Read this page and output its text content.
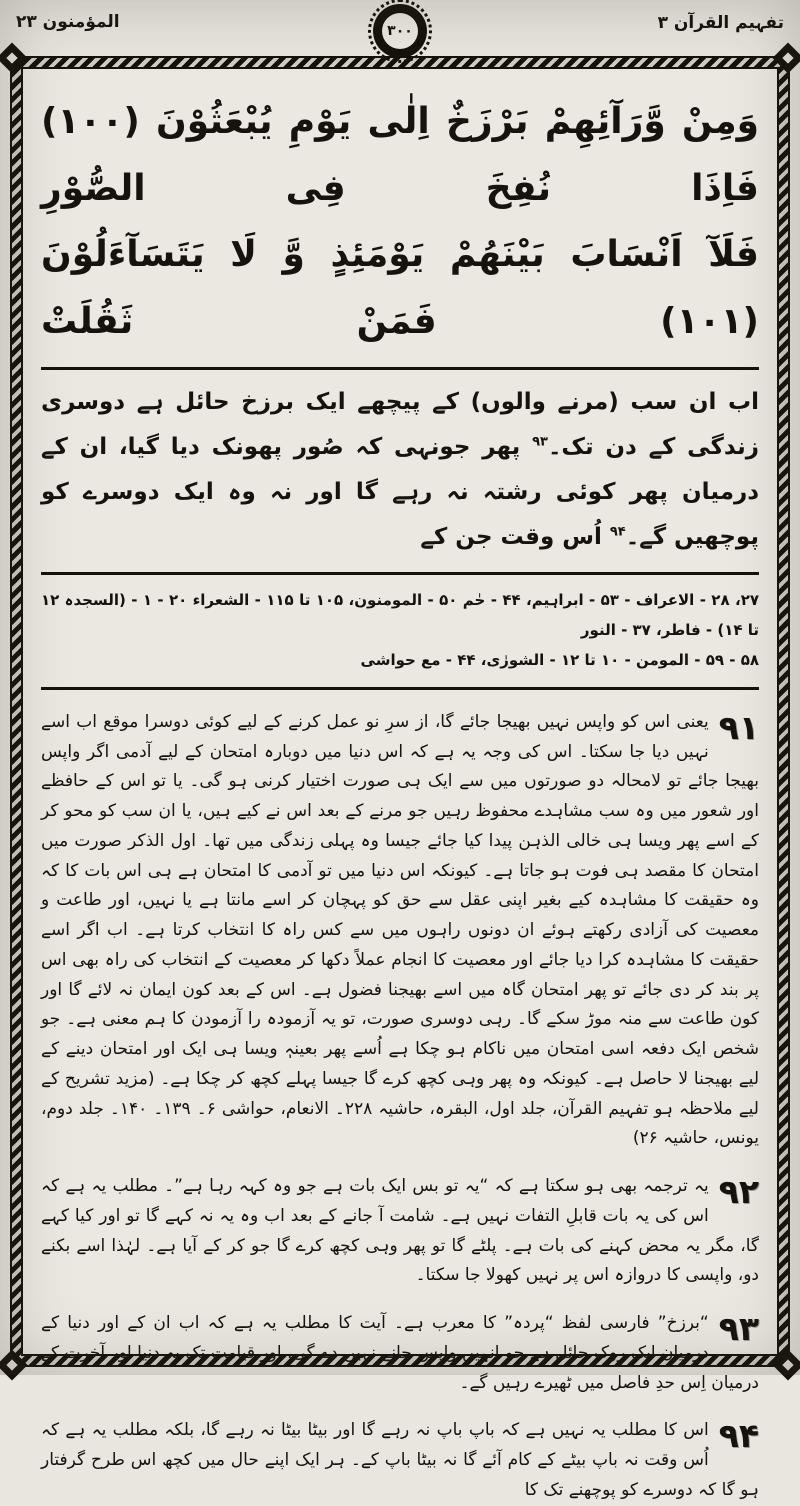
المؤمنون ۲۳	۳۰۰	تفہیم القرآن ۳
وَمِنْ وَّرَآئِهِمْ بَرْزَخٌ اِلٰى يَوْمِ يُبْعَثُوْنَ (١٠٠) فَاِذَا نُفِخَ فِى الصُّوْرِ
فَلَآ اَنْسَابَ بَيْنَهُمْ يَوْمَئِذٍ وَّ لَا يَتَسَآءَلُوْنَ (١٠١) فَمَنْ ثَقُلَتْ
اب ان سب (مرنے والوں) کے پیچھے ایک برزخ حائل ہے دوسری زندگی کے دن تک۔$^{۹۳}$ پھر جونہی کہ صُور پھونک دیا گیا، ان کے درمیان پھر کوئی رشتہ نہ رہے گا اور نہ وہ ایک دوسرے کو پوچھیں گے۔$^{۹۴}$ اُس وقت جن کے
۲۷، ۲۸ - الاعراف - ۵۳ - ابراہیم، ۴۴ - حٰم ۵۰ - المومنون، ۱۰۵ تا ۱۱۵ - الشعراء ۲۰ - ۱ - (السجدہ ۱۲ تا ۱۴) - فاطر، ۳۷ - النور
۵۸ - ۵۹ - المومن - ۱۰ تا ۱۲ - الشورٰی، ۴۴ - مع حواشی
۹۱
یعنی اس کو واپس نہیں بھیجا جائے گا، از سرِ نو عمل کرنے کے لیے کوئی دوسرا موقع اب اسے نہیں دیا جا سکتا۔ اس کی وجہ یہ ہے کہ اس دنیا میں دوبارہ امتحان کے لیے آدمی اگر واپس بھیجا جائے تو لامحالہ دو صورتوں میں سے ایک ہی صورت اختیار کرنی ہو گی۔ یا تو اس کے حافظے اور شعور میں وہ سب مشاہدے محفوظ رہیں جو مرنے کے بعد اس نے کیے ہیں، یا ان سب کو محو کر کے اسے پھر ویسا ہی خالی الذہن پیدا کیا جائے جیسا وہ پہلی زندگی میں تھا۔ اول الذکر صورت میں امتحان کا مقصد ہی فوت ہو جاتا ہے۔ کیونکہ اس دنیا میں تو آدمی کا امتحان ہے ہی اس بات کا کہ وہ حقیقت کا مشاہدہ کیے بغیر اپنی عقل سے حق کو پہچان کر اسے مانتا ہے یا نہیں، اور طاعت و معصیت کی آزادی رکھتے ہوئے ان دونوں راہوں میں سے کس راہ کا انتخاب کرتا ہے۔ اب اگر اسے حقیقت کا مشاہدہ کرا دیا جائے اور معصیت کا انجام عملاً دکھا کر معصیت کے انتخاب کی راہ بھی اس پر بند کر دی جائے تو پھر امتحان گاہ میں اسے بھیجنا فضول ہے۔ اس کے بعد کون ایمان نہ لائے گا اور کون طاعت سے منہ موڑ سکے گا۔ رہی دوسری صورت، تو یہ آزمودہ را آزمودن کا ہم معنی ہے۔ جو شخص ایک دفعہ اسی امتحان میں ناکام ہو چکا ہے اُسے پھر بعینہٖ ویسا ہی ایک اور امتحان دینے کے لیے بھیجنا لا حاصل ہے۔ کیونکہ وہ پھر وہی کچھ کرے گا جیسا پہلے کچھ کر چکا ہے۔ (مزید تشریح کے لیے ملاحظہ ہو تفہیم القرآن، جلد اول، البقرہ، حاشیہ ۲۲۸۔ الانعام، حواشی ۶۔ ۱۳۹۔ ۱۴۰۔ جلد دوم، یونس، حاشیہ ۲۶)
۹۲
یہ ترجمہ بھی ہو سکتا ہے کہ “یہ تو بس ایک بات ہے جو وہ کہہ رہا ہے”۔ مطلب یہ ہے کہ اس کی یہ بات قابلِ التفات نہیں ہے۔ شامت آ جانے کے بعد اب وہ یہ نہ کہے گا تو اور کیا کہے گا، مگر یہ محض کہنے کی بات ہے۔ پلٹے گا تو پھر وہی کچھ کرے گا جو کر کے آیا ہے۔ لہٰذا اسے بکنے دو، واپسی کا دروازہ اس پر نہیں کھولا جا سکتا۔
۹۳
“برزخ” فارسی لفظ “پردہ” کا معرب ہے۔ آیت کا مطلب یہ ہے کہ اب ان کے اور دنیا کے درمیان ایک روک حائل ہے جو انہیں واپس جانے نہیں دے گی، اور قیامت تک یہ دنیا اور آخرت کے درمیان اِس حدِ فاصل میں ٹھیرے رہیں گے۔
۹۴
اس کا مطلب یہ نہیں ہے کہ باپ باپ نہ رہے گا اور بیٹا بیٹا نہ رہے گا، بلکہ مطلب یہ ہے کہ اُس وقت نہ باپ بیٹے کے کام آئے گا نہ بیٹا باپ کے۔ ہر ایک اپنے حال میں کچھ اس طرح گرفتار ہو گا کہ دوسرے کو پوچھنے تک کا
